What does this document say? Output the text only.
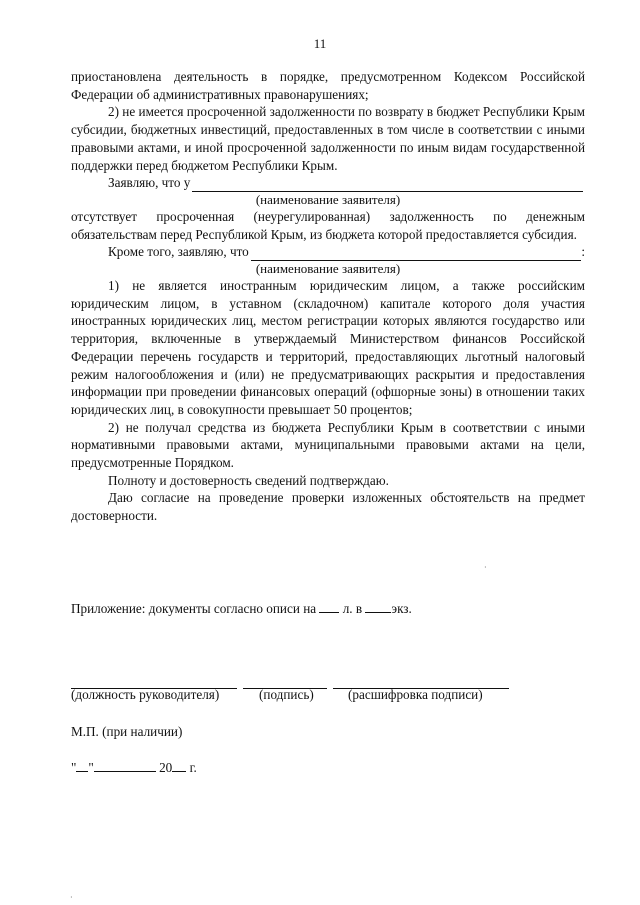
11

приостановлена деятельность в порядке, предусмотренном Кодексом Российской Федерации об административных правонарушениях;

2) не имеется просроченной задолженности по возврату в бюджет Республики Крым субсидии, бюджетных инвестиций, предоставленных в том числе в соответствии с иными правовыми актами, и иной просроченной задолженности по иным видам государственной поддержки перед бюджетом Республики Крым.

Заявляю, что у
(наименование заявителя)

отсутствует просроченная (неурегулированная) задолженность по денежным обязательствам перед Республикой Крым, из бюджета которой предоставляется субсидия.

Кроме того, заявляю, что	:
(наименование заявителя)

1) не является иностранным юридическим лицом, а также российским юридическим лицом, в уставном (складочном) капитале которого доля участия иностранных юридических лиц, местом регистрации которых являются государство или территория, включенные в утверждаемый Министерством финансов Российской Федерации перечень государств и территорий, предоставляющих льготный налоговый режим налогообложения и (или) не предусматривающих раскрытия и предоставления информации при проведении финансовых операций (офшорные зоны) в отношении таких юридических лиц, в совокупности превышает 50 процентов;

2) не получал средства из бюджета Республики Крым в соответствии с иными нормативными правовыми актами, муниципальными правовыми актами на цели, предусмотренные Порядком.

Полноту и достоверность сведений подтверждаю.

Даю согласие на проведение проверки изложенных обстоятельств на предмет достоверности.

Приложение: документы согласно описи на л. в экз.
(должность руководителя)	(подпись)	(расшифровка подписи)
М.П. (при наличии)
" "	20 г.
·
·
